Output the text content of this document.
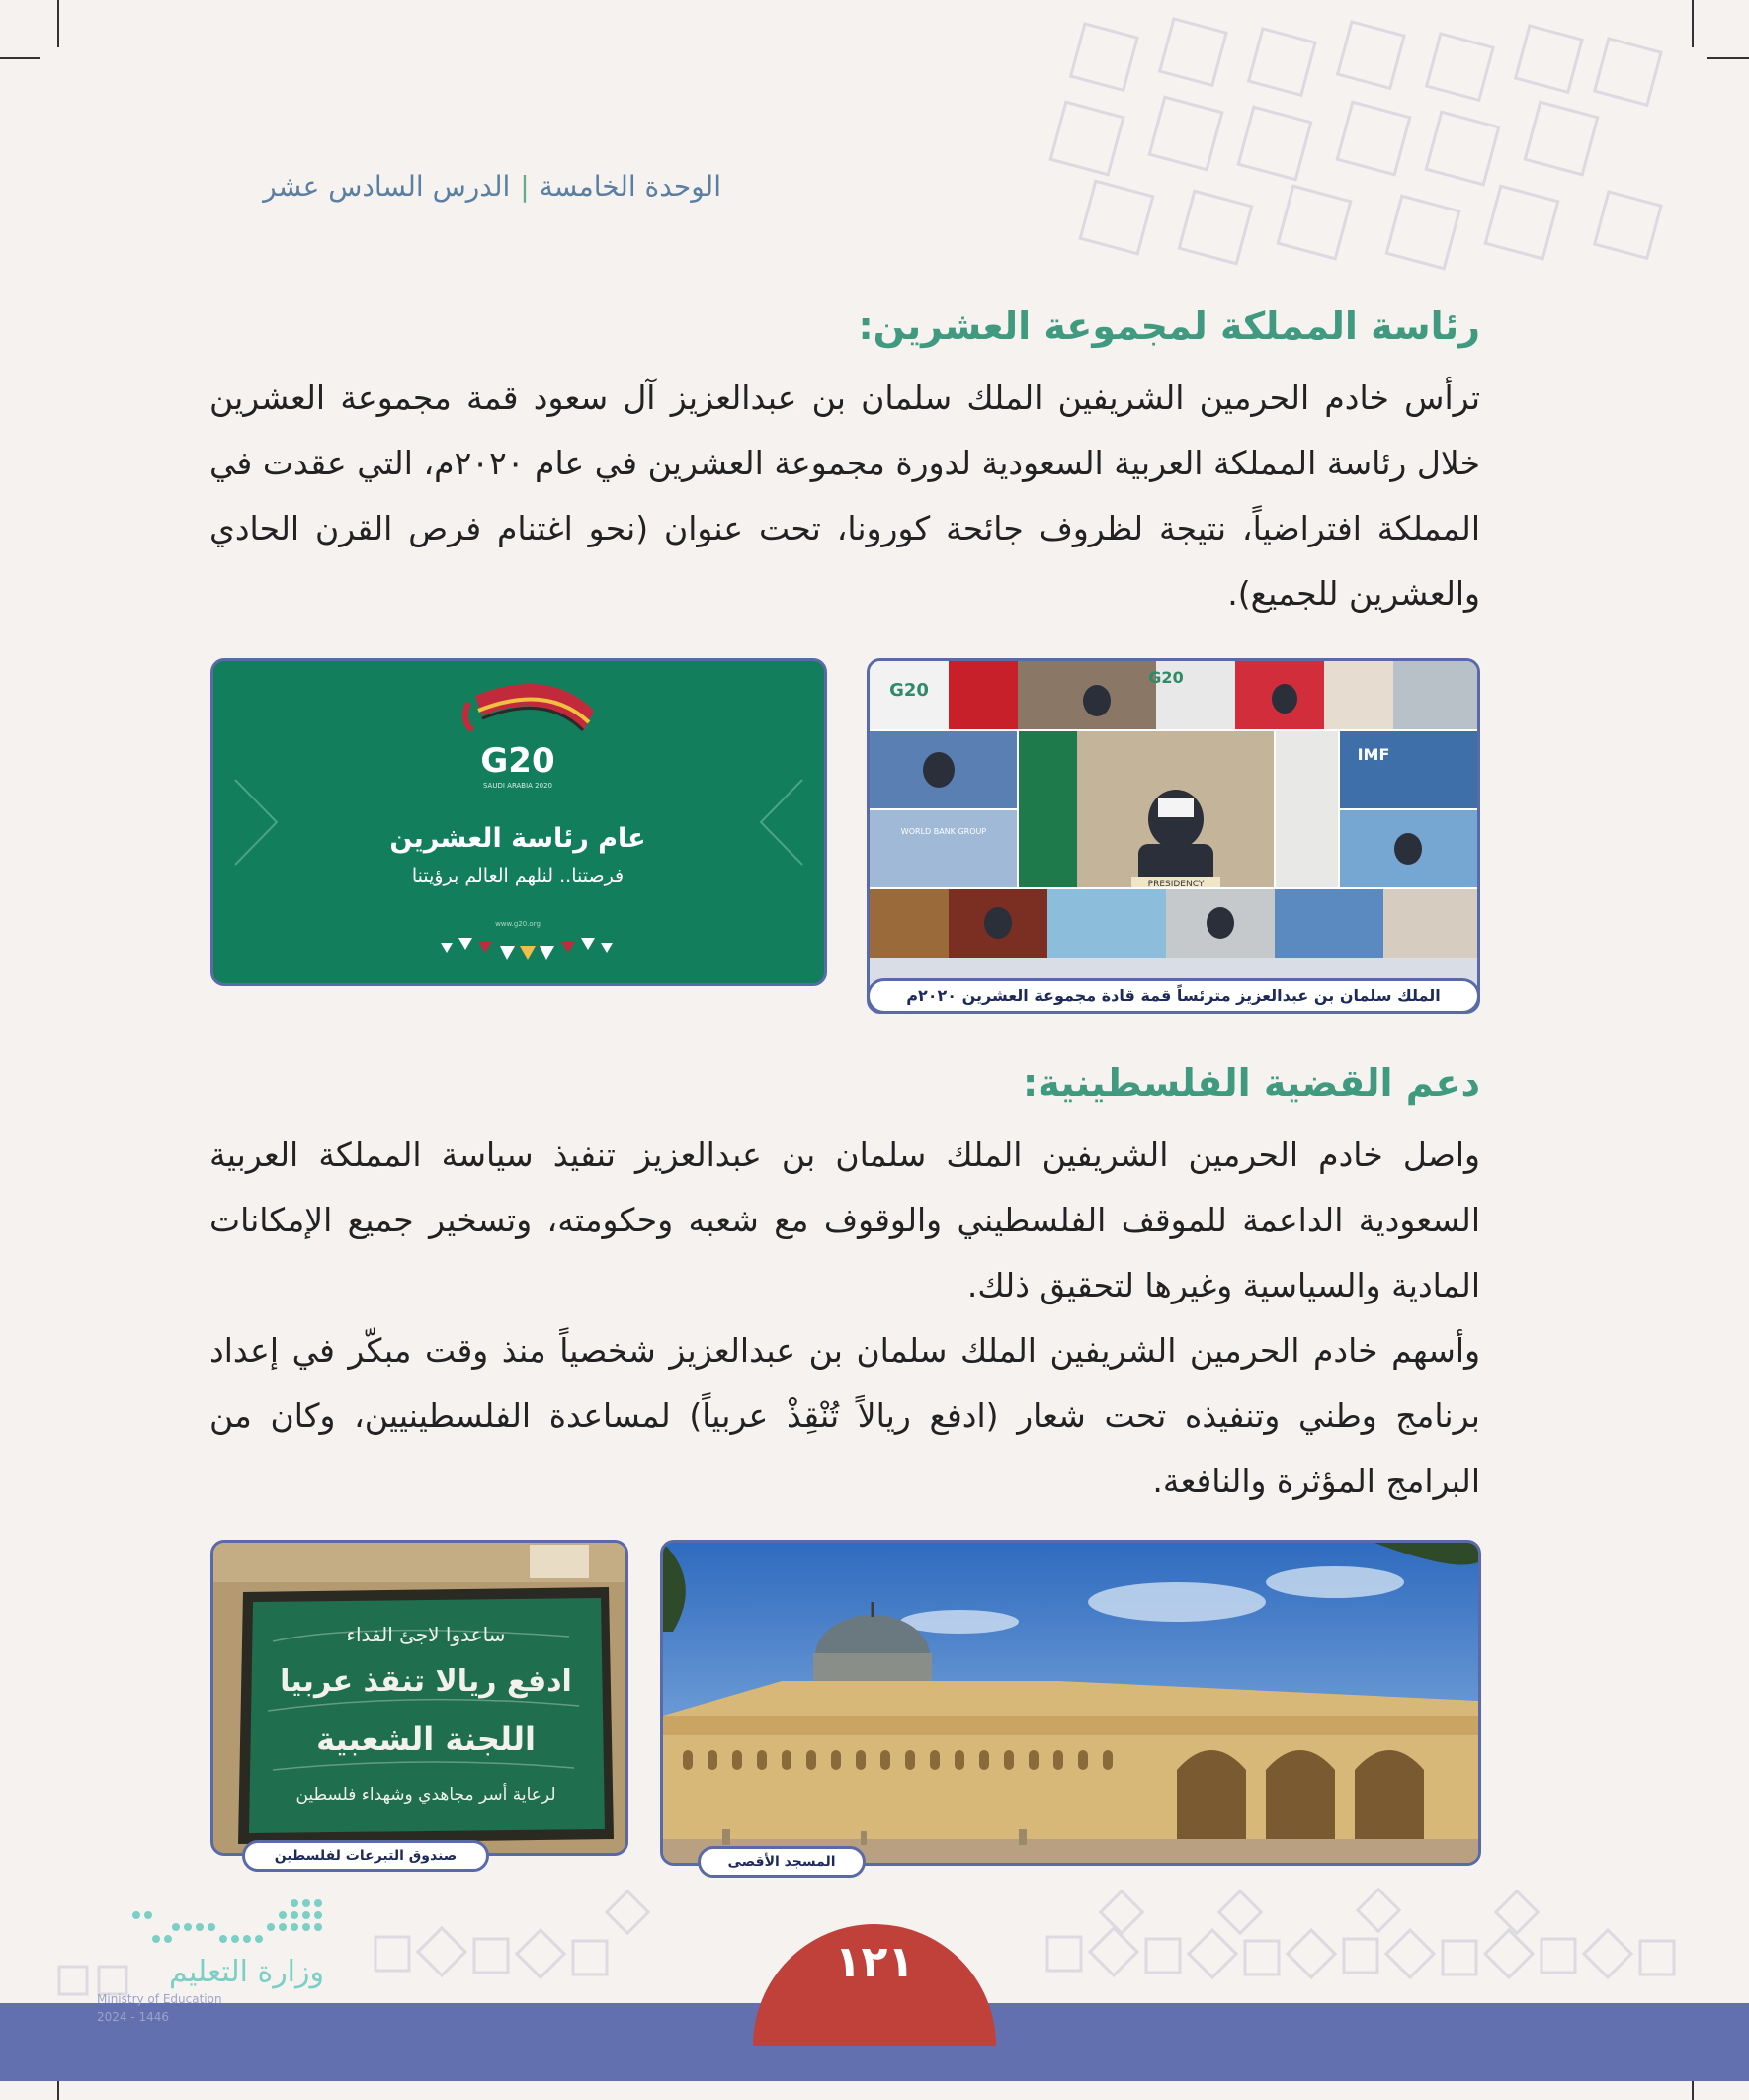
الوحدة الخامسة|الدرس السادس عشر
رئاسة المملكة لمجموعة العشرين:

ترأس خادم الحرمين الشريفين الملك سلمان بن عبدالعزيز آل سعود قمة مجموعة العشرين خلال رئاسة المملكة العربية السعودية لدورة مجموعة العشرين في عام ٢٠٢٠م، التي عقدت في المملكة افتراضياً، نتيجة لظروف جائحة كورونا، تحت عنوان (نحو اغتنام فرص القرن الحادي والعشرين للجميع).

PRESIDENCY
G20
G20
IMF
WORLD BANK GROUP
الملك سلمان بن عبدالعزيز مترئساً قمة قادة مجموعة العشرين ٢٠٢٠م
G20
SAUDI ARABIA 2020
عام رئاسة العشرين
فرصتنا.. لنلهم العالم برؤيتنا
www.g20.org
دعم القضية الفلسطينية:

واصل خادم الحرمين الشريفين الملك سلمان بن عبدالعزيز تنفيذ سياسة المملكة العربية السعودية الداعمة للموقف الفلسطيني والوقوف مع شعبه وحكومته، وتسخير جميع الإمكانات المادية والسياسية وغيرها لتحقيق ذلك.

وأسهم خادم الحرمين الشريفين الملك سلمان بن عبدالعزيز شخصياً منذ وقت مبكّر في إعداد برنامج وطني وتنفيذه تحت شعار (ادفع ريالاً تُنْقِذْ عربياً) لمساعدة الفلسطينيين، وكان من البرامج المؤثرة والنافعة.

المسجد الأقصى
ساعدوا لاجئ الفداء
ادفع ريالا تنقذ عربيا
اللجنة الشعبية
لرعاية أسر مجاهدي وشهداء فلسطين
صندوق التبرعات لفلسطين
١٢١
وزارة التعليم
Ministry of Education
2024 - 1446
